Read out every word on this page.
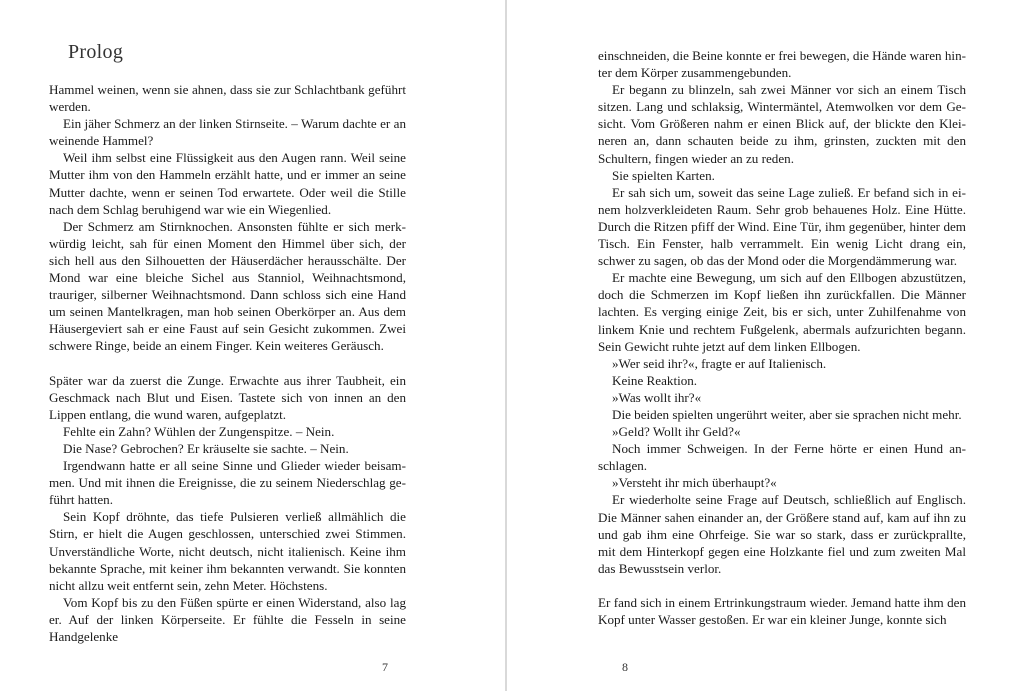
Prolog

Hammel weinen, wenn sie ahnen, dass sie zur Schlachtbank geführt werden.

Ein jäher Schmerz an der linken Stirnseite. – Warum dachte er an weinende Hammel?

Weil ihm selbst eine Flüssigkeit aus den Augen rann. Weil seine Mutter ihm von den Hammeln erzählt hatte, und er immer an seine Mutter dachte, wenn er seinen Tod erwartete. Oder weil die Stille nach dem Schlag beruhigend war wie ein Wiegenlied.

Der Schmerz am Stirnknochen. Ansonsten fühlte er sich merkwürdig leicht, sah für einen Moment den Himmel über sich, der sich hell aus den Silhouetten der Häuserdächer herausschälte. Der Mond war eine bleiche Sichel aus Stanniol, Weihnachtsmond, trauriger, silberner Weihnachtsmond. Dann schloss sich eine Hand um seinen Mantelkragen, man hob seinen Oberkörper an. Aus dem Häusergeviert sah er eine Faust auf sein Gesicht zukommen. Zwei schwere Ringe, beide an einem Finger. Kein weiteres Geräusch.

Später war da zuerst die Zunge. Erwachte aus ihrer Taubheit, ein Geschmack nach Blut und Eisen. Tastete sich von innen an den Lippen entlang, die wund waren, aufgeplatzt.

Fehlte ein Zahn? Wühlen der Zungenspitze. – Nein.

Die Nase? Gebrochen? Er kräuselte sie sachte. – Nein.

Irgendwann hatte er all seine Sinne und Glieder wieder beisammen. Und mit ihnen die Ereignisse, die zu seinem Niederschlag geführt hatten.

Sein Kopf dröhnte, das tiefe Pulsieren verließ allmählich die Stirn, er hielt die Augen geschlossen, unterschied zwei Stimmen. Unverständliche Worte, nicht deutsch, nicht italienisch. Keine ihm bekannte Sprache, mit keiner ihm bekannten verwandt. Sie konnten nicht allzu weit entfernt sein, zehn Meter. Höchstens.

Vom Kopf bis zu den Füßen spürte er einen Widerstand, also lag er. Auf der linken Körperseite. Er fühlte die Fesseln in seine Handgelenke

7

einschneiden, die Beine konnte er frei bewegen, die Hände waren hinter dem Körper zusammengebunden.

Er begann zu blinzeln, sah zwei Männer vor sich an einem Tisch sitzen. Lang und schlaksig, Wintermäntel, Atemwolken vor dem Gesicht. Vom Größeren nahm er einen Blick auf, der blickte den Kleineren an, dann schauten beide zu ihm, grinsten, zuckten mit den Schultern, fingen wieder an zu reden.

Sie spielten Karten.

Er sah sich um, soweit das seine Lage zuließ. Er befand sich in einem holzverkleideten Raum. Sehr grob behauenes Holz. Eine Hütte. Durch die Ritzen pfiff der Wind. Eine Tür, ihm gegenüber, hinter dem Tisch. Ein Fenster, halb verrammelt. Ein wenig Licht drang ein, schwer zu sagen, ob das der Mond oder die Morgendämmerung war.

Er machte eine Bewegung, um sich auf den Ellbogen abzustützen, doch die Schmerzen im Kopf ließen ihn zurückfallen. Die Männer lachten. Es verging einige Zeit, bis er sich, unter Zuhilfenahme von linkem Knie und rechtem Fußgelenk, abermals aufzurichten begann. Sein Gewicht ruhte jetzt auf dem linken Ellbogen.

»Wer seid ihr?«, fragte er auf Italienisch.

Keine Reaktion.

»Was wollt ihr?«

Die beiden spielten ungerührt weiter, aber sie sprachen nicht mehr.

»Geld? Wollt ihr Geld?«

Noch immer Schweigen. In der Ferne hörte er einen Hund anschlagen.

»Versteht ihr mich überhaupt?«

Er wiederholte seine Frage auf Deutsch, schließlich auf Englisch. Die Männer sahen einander an, der Größere stand auf, kam auf ihn zu und gab ihm eine Ohrfeige. Sie war so stark, dass er zurückprallte, mit dem Hinterkopf gegen eine Holzkante fiel und zum zweiten Mal das Bewusstsein verlor.

Er fand sich in einem Ertrinkungstraum wieder. Jemand hatte ihm den Kopf unter Wasser gestoßen. Er war ein kleiner Junge, konnte sich

8
